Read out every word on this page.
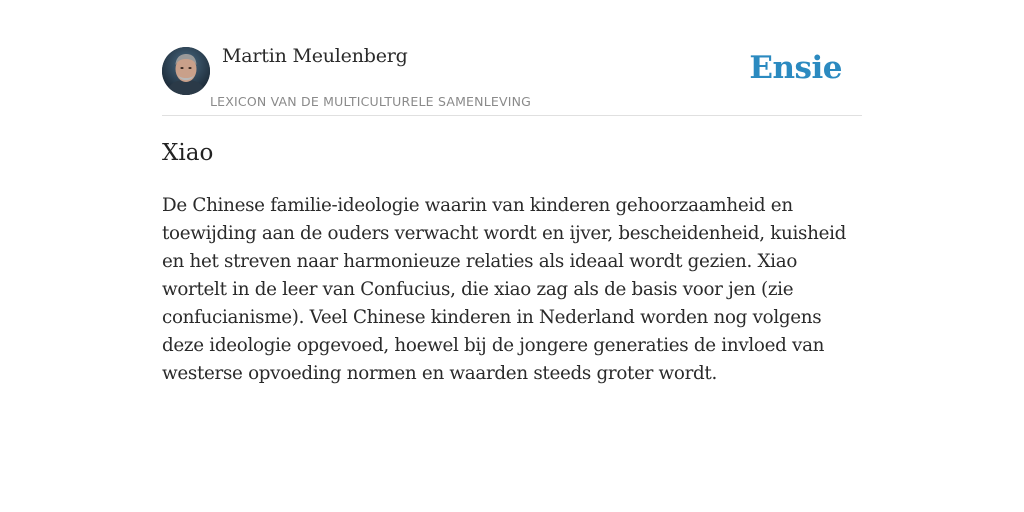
Martin Meulenberg
LEXICON VAN DE MULTICULTURELE SAMENLEVING
Ensie
Xiao

De Chinese familie-ideologie waarin van kinderen gehoorzaamheid en toewijding aan de ouders verwacht wordt en ijver, bescheidenheid, kuisheid en het streven naar harmonieuze relaties als ideaal wordt gezien. Xiao wortelt in de leer van Confucius, die xiao zag als de basis voor jen (zie confucianisme). Veel Chinese kinderen in Nederland worden nog volgens deze ideologie opgevoed, hoewel bij de jongere generaties de invloed van westerse opvoeding normen en waarden steeds groter wordt.
